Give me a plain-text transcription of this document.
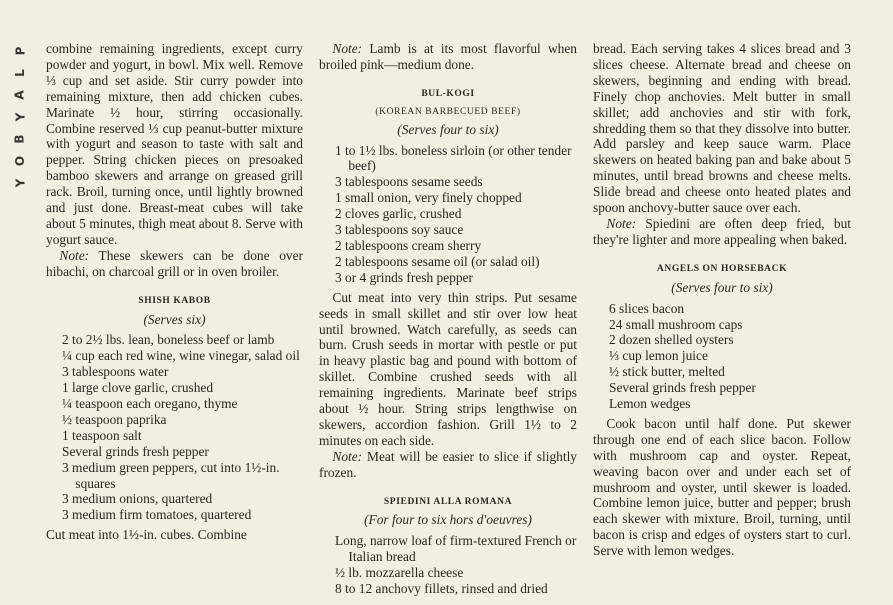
P
L
A
Y
B
O
Y

combine remaining ingredients, except curry powder and yogurt, in bowl. Mix well. Remove ⅓ cup and set aside. Stir curry powder into remaining mixture, then add chicken cubes. Marinate ½ hour, stirring occasionally. Combine reserved ⅓ cup peanut-butter mixture with yogurt and season to taste with salt and pepper. String chicken pieces on presoaked bamboo skewers and arrange on greased grill rack. Broil, turning once, until lightly browned and just done. Breast-meat cubes will take about 5 minutes, thigh meat about 8. Serve with yogurt sauce.

Note: These skewers can be done over hibachi, on charcoal grill or in oven broiler.

SHISH KABOB
(Serves six)

2 to 2½ lbs. lean, boneless beef or lamb

¼ cup each red wine, wine vinegar, salad oil

3 tablespoons water

1 large clove garlic, crushed

¼ teaspoon each oregano, thyme

½ teaspoon paprika

1 teaspoon salt

Several grinds fresh pepper

3 medium green peppers, cut into 1½-in. squares

3 medium onions, quartered

3 medium firm tomatoes, quartered

Cut meat into 1½-in. cubes. Combine

Note: Lamb is at its most flavorful when broiled pink—medium done.

BUL-KOGI
(KOREAN BARBECUED BEEF)
(Serves four to six)

1 to 1½ lbs. boneless sirloin (or other tender beef)

3 tablespoons sesame seeds

1 small onion, very finely chopped

2 cloves garlic, crushed

3 tablespoons soy sauce

2 tablespoons cream sherry

2 tablespoons sesame oil (or salad oil)

3 or 4 grinds fresh pepper

Cut meat into very thin strips. Put sesame seeds in small skillet and stir over low heat until browned. Watch carefully, as seeds can burn. Crush seeds in mortar with pestle or put in heavy plastic bag and pound with bottom of skillet. Combine crushed seeds with all remaining ingredients. Marinate beef strips about ½ hour. String strips lengthwise on skewers, accordion fashion. Grill 1½ to 2 minutes on each side.

Note: Meat will be easier to slice if slightly frozen.

SPIEDINI ALLA ROMANA
(For four to six hors d'oeuvres)

Long, narrow loaf of firm-textured French or Italian bread

½ lb. mozzarella cheese

8 to 12 anchovy fillets, rinsed and dried

bread. Each serving takes 4 slices bread and 3 slices cheese. Alternate bread and cheese on skewers, beginning and ending with bread. Finely chop anchovies. Melt butter in small skillet; add anchovies and stir with fork, shredding them so that they dissolve into butter. Add parsley and keep sauce warm. Place skewers on heated baking pan and bake about 5 minutes, until bread browns and cheese melts. Slide bread and cheese onto heated plates and spoon anchovy-butter sauce over each.

Note: Spiedini are often deep fried, but they're lighter and more appealing when baked.

ANGELS ON HORSEBACK
(Serves four to six)

6 slices bacon

24 small mushroom caps

2 dozen shelled oysters

⅓ cup lemon juice

½ stick butter, melted

Several grinds fresh pepper

Lemon wedges

Cook bacon until half done. Put skewer through one end of each slice bacon. Follow with mushroom cap and oyster. Repeat, weaving bacon over and under each set of mushroom and oyster, until skewer is loaded. Combine lemon juice, butter and pepper; brush each skewer with mixture. Broil, turning, until bacon is crisp and edges of oysters start to curl. Serve with lemon wedges.
